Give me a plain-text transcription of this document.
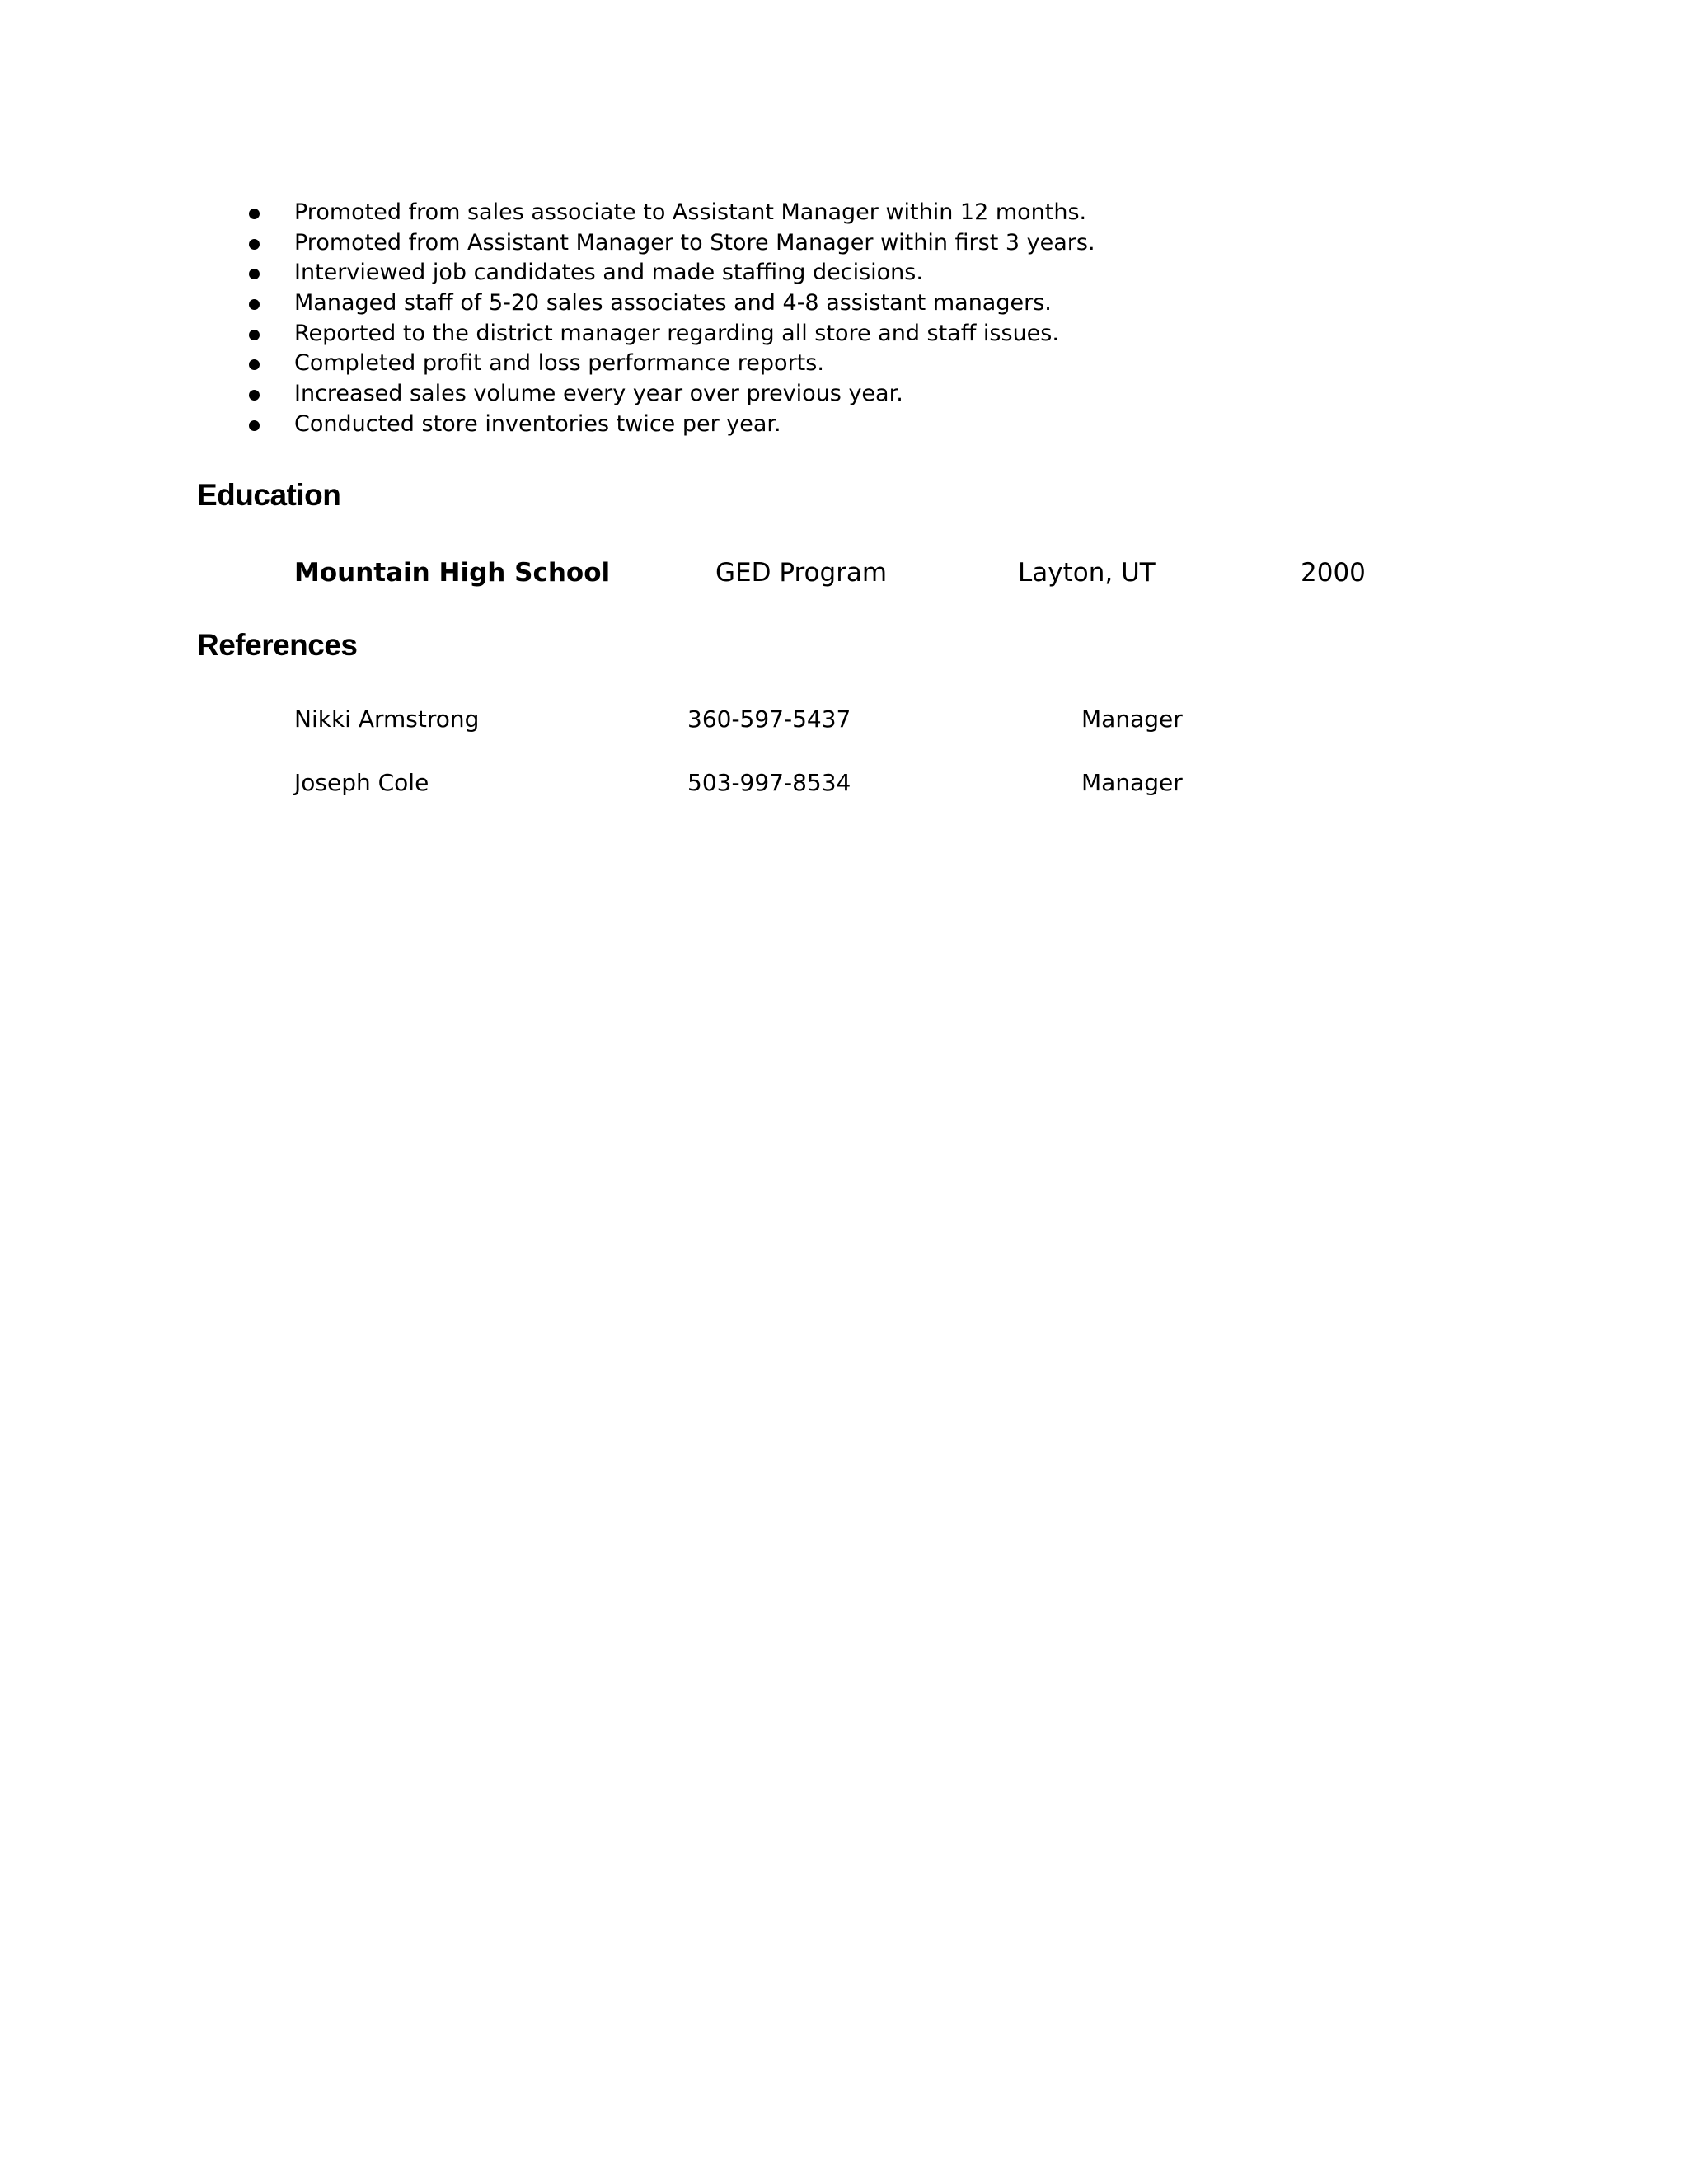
Promoted from sales associate to Assistant Manager within 12 months.
Promoted from Assistant Manager to Store Manager within first 3 years.
Interviewed job candidates and made staffing decisions.
Managed staff of 5-20 sales associates and 4-8 assistant managers.
Reported to the district manager regarding all store and staff issues.
Completed profit and loss performance reports.
Increased sales volume every year over previous year.
Conducted store inventories twice per year.
Education
Mountain High School	GED Program	Layton, UT	2000
References
Nikki Armstrong	360-597-5437	Manager
Joseph Cole	503-997-8534	Manager
